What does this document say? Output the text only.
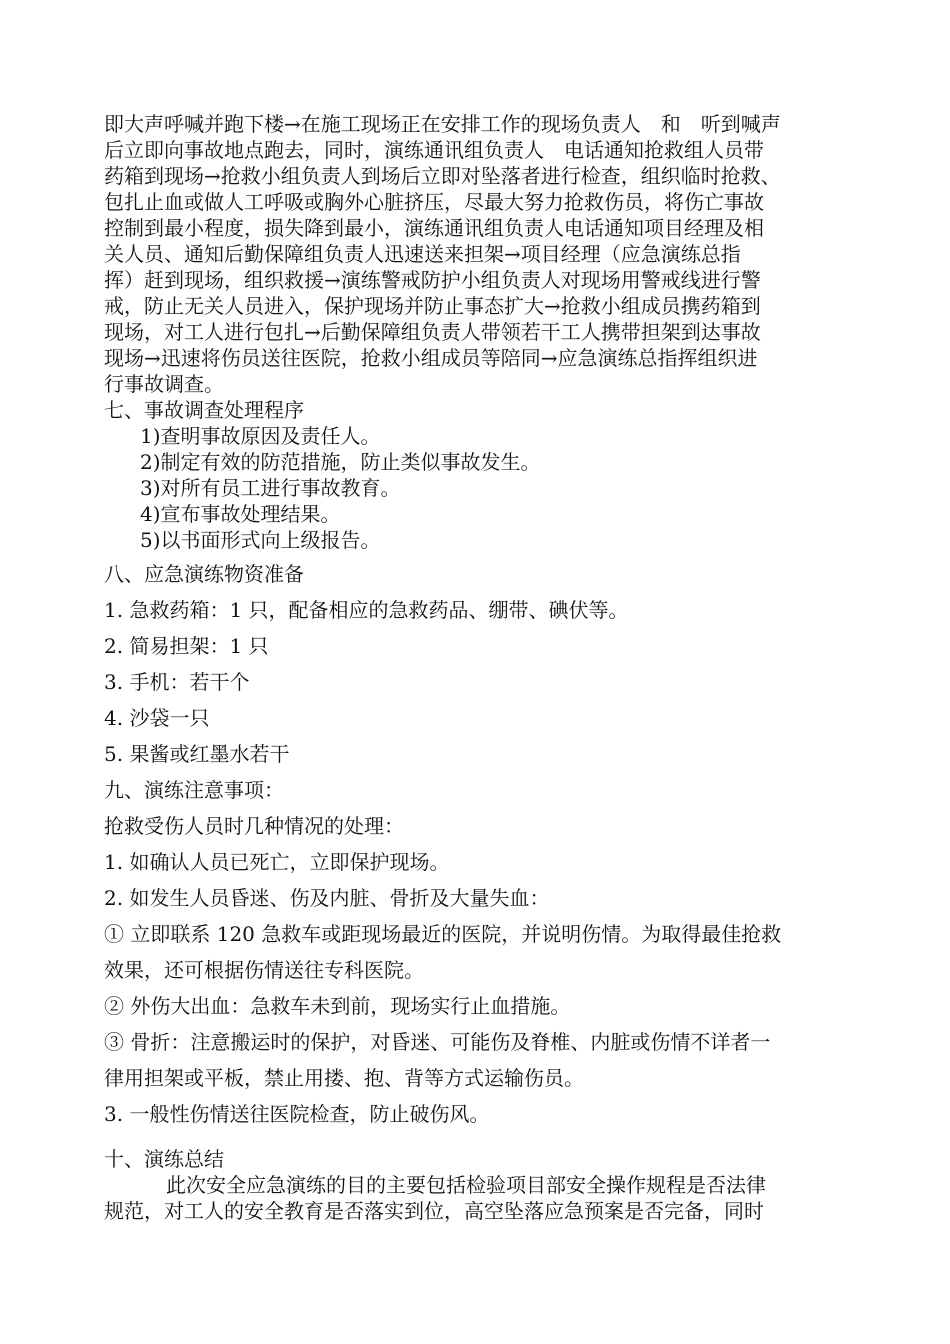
即大声呼喊并跑下楼→在施工现场正在安排工作的现场负责人　和　听到喊声
后立即向事故地点跑去，同时，演练通讯组负责人　电话通知抢救组人员带
药箱到现场→抢救小组负责人到场后立即对坠落者进行检查，组织临时抢救、
包扎止血或做人工呼吸或胸外心脏挤压，尽最大努力抢救伤员，将伤亡事故
控制到最小程度，损失降到最小，演练通讯组负责人电话通知项目经理及相
关人员、通知后勤保障组负责人迅速送来担架→项目经理（应急演练总指
挥）赶到现场，组织救援→演练警戒防护小组负责人对现场用警戒线进行警
戒，防止无关人员进入，保护现场并防止事态扩大→抢救小组成员携药箱到
现场，对工人进行包扎→后勤保障组负责人带领若干工人携带担架到达事故
现场→迅速将伤员送往医院，抢救小组成员等陪同→应急演练总指挥组织进
行事故调查。
七、事故调查处理程序
1)查明事故原因及责任人。
2)制定有效的防范措施，防止类似事故发生。
3)对所有员工进行事故教育。
4)宣布事故处理结果。
5)以书面形式向上级报告。
八、应急演练物资准备
1. 急救药箱：1 只，配备相应的急救药品、绷带、碘伏等。
2. 简易担架：1 只
3. 手机：若干个
4. 沙袋一只
5. 果酱或红墨水若干
九、演练注意事项：
抢救受伤人员时几种情况的处理：
1. 如确认人员已死亡，立即保护现场。
2. 如发生人员昏迷、伤及内脏、骨折及大量失血：
① 立即联系 120 急救车或距现场最近的医院，并说明伤情。为取得最佳抢救
效果，还可根据伤情送往专科医院。
② 外伤大出血：急救车未到前，现场实行止血措施。
③ 骨折：注意搬运时的保护，对昏迷、可能伤及脊椎、内脏或伤情不详者一
律用担架或平板，禁止用搂、抱、背等方式运输伤员。
3. 一般性伤情送往医院检查，防止破伤风。
十、演练总结
此次安全应急演练的目的主要包括检验项目部安全操作规程是否法律
规范，对工人的安全教育是否落实到位，高空坠落应急预案是否完备，同时
